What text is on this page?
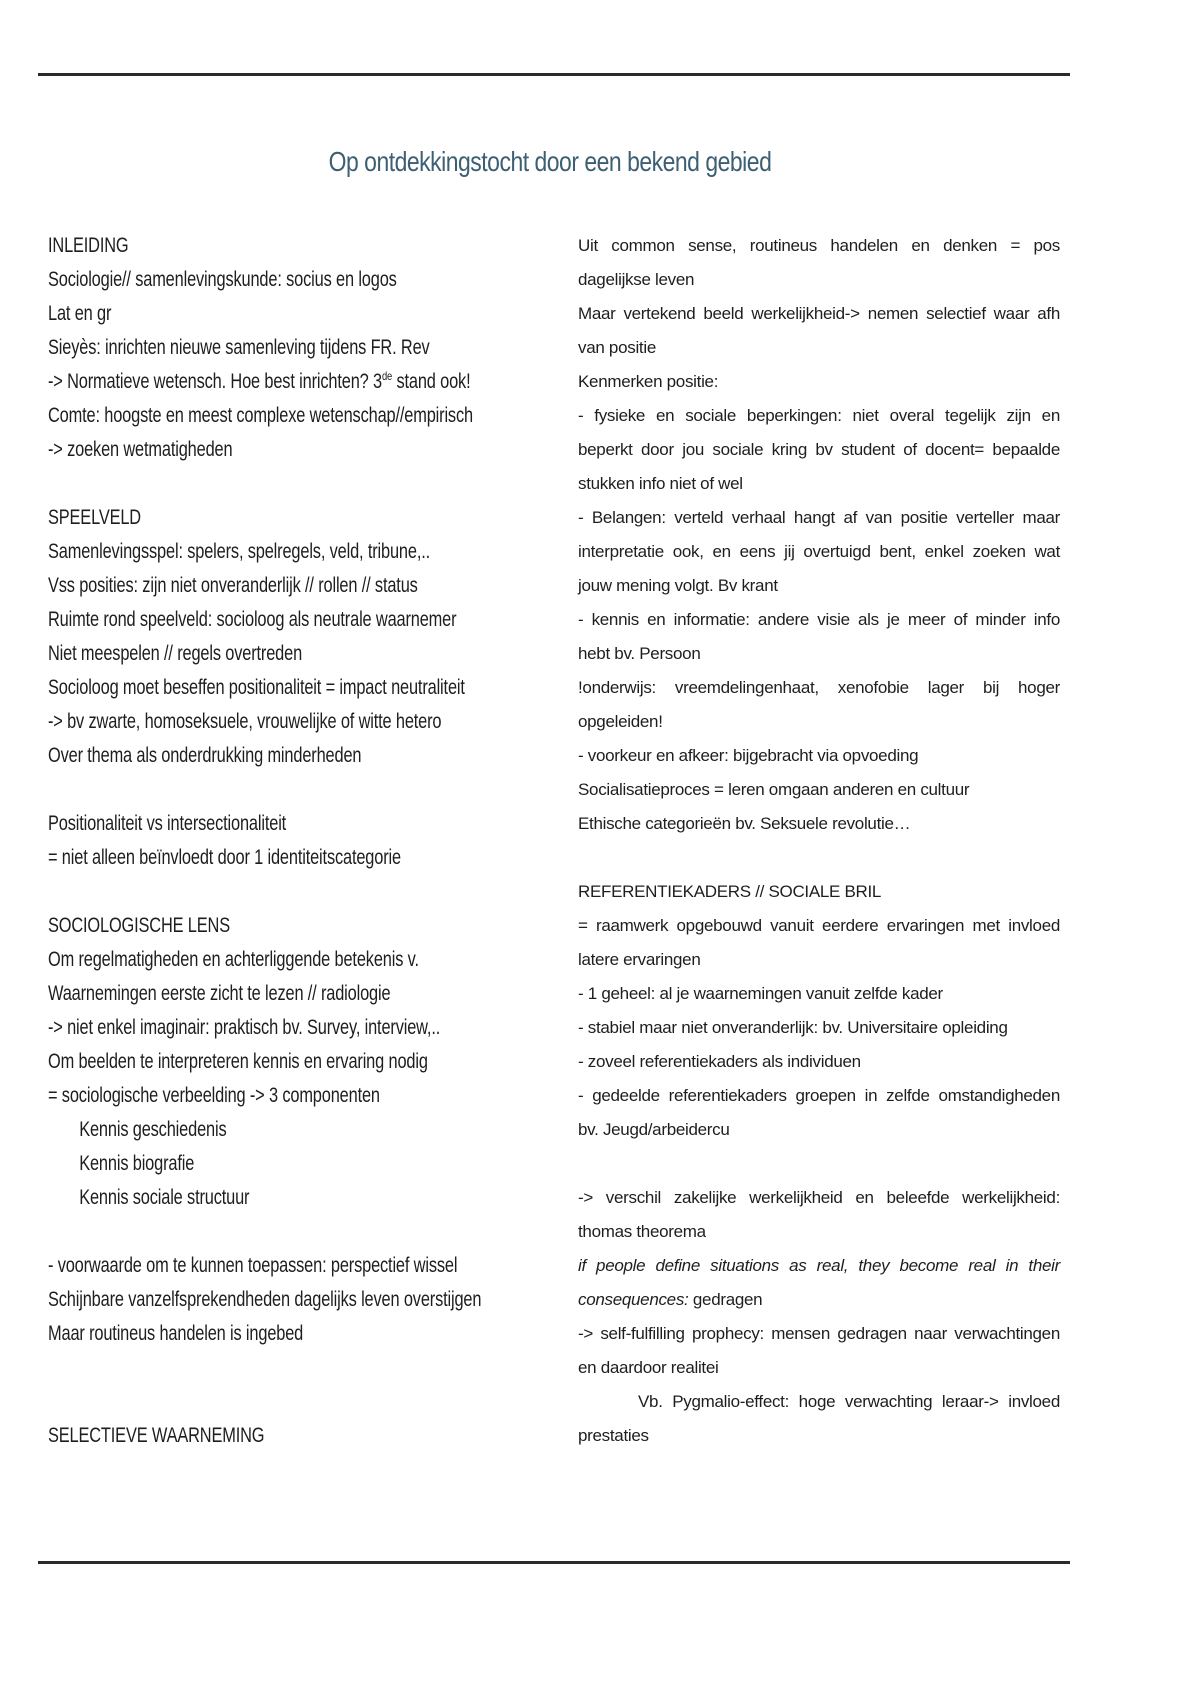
Op ontdekkingstocht door een bekend gebied
INLEIDING
Sociologie// samenlevingskunde: socius en logos
Lat en gr
Sieyès: inrichten nieuwe samenleving tijdens FR. Rev
-> Normatieve wetensch. Hoe best inrichten? 3de stand ook!
Comte: hoogste en meest complexe wetenschap//empirisch
-> zoeken wetmatigheden
SPEELVELD
Samenlevingsspel: spelers, spelregels, veld, tribune,..
Vss posities: zijn niet onveranderlijk // rollen // status
Ruimte rond speelveld: socioloog als neutrale waarnemer
Niet meespelen // regels overtreden
Socioloog moet beseffen positionaliteit = impact neutraliteit
-> bv zwarte, homoseksuele, vrouwelijke of witte hetero
Over thema als onderdrukking minderheden
Positionaliteit vs intersectionaliteit
= niet alleen beïnvloedt door 1 identiteitscategorie
SOCIOLOGISCHE LENS
Om regelmatigheden en achterliggende betekenis v.
Waarnemingen eerste zicht te lezen // radiologie
-> niet enkel imaginair: praktisch bv. Survey, interview,..
Om beelden te interpreteren kennis en ervaring nodig
= sociologische verbeelding -> 3 componenten
Kennis geschiedenis
Kennis biografie
Kennis sociale structuur
- voorwaarde om te kunnen toepassen: perspectief wissel
Schijnbare vanzelfsprekendheden dagelijks leven overstijgen
Maar routineus handelen is ingebed
SELECTIEVE WAARNEMING
Uit common sense, routineus handelen en denken = pos
dagelijkse leven
Maar vertekend beeld werkelijkheid-> nemen selectief waar afh
van positie
Kenmerken positie:
- fysieke en sociale beperkingen: niet overal tegelijk zijn en
beperkt door jou sociale kring bv student of docent= bepaalde
stukken info niet of wel
- Belangen: verteld verhaal hangt af van positie verteller maar
interpretatie ook, en eens jij overtuigd bent, enkel zoeken wat
jouw mening volgt. Bv krant
- kennis en informatie: andere visie als je meer of minder info
hebt bv. Persoon
!onderwijs: vreemdelingenhaat, xenofobie lager bij hoger
opgeleiden!
- voorkeur en afkeer: bijgebracht via opvoeding
Socialisatieproces = leren omgaan anderen en cultuur
Ethische categorieën bv. Seksuele revolutie…
REFERENTIEKADERS // SOCIALE BRIL
= raamwerk opgebouwd vanuit eerdere ervaringen met invloed
latere ervaringen
- 1 geheel: al je waarnemingen vanuit zelfde kader
- stabiel maar niet onveranderlijk: bv. Universitaire opleiding
- zoveel referentiekaders als individuen
- gedeelde referentiekaders groepen in zelfde omstandigheden
bv. Jeugd/arbeidercu
-> verschil zakelijke werkelijkheid en beleefde werkelijkheid:
thomas theorema
if people define situations as real, they become real in their
consequences: gedragen
-> self-fulfilling prophecy: mensen gedragen naar verwachtingen
en daardoor realitei
Vb. Pygmalio-effect: hoge verwachting leraar-> invloed
prestaties
